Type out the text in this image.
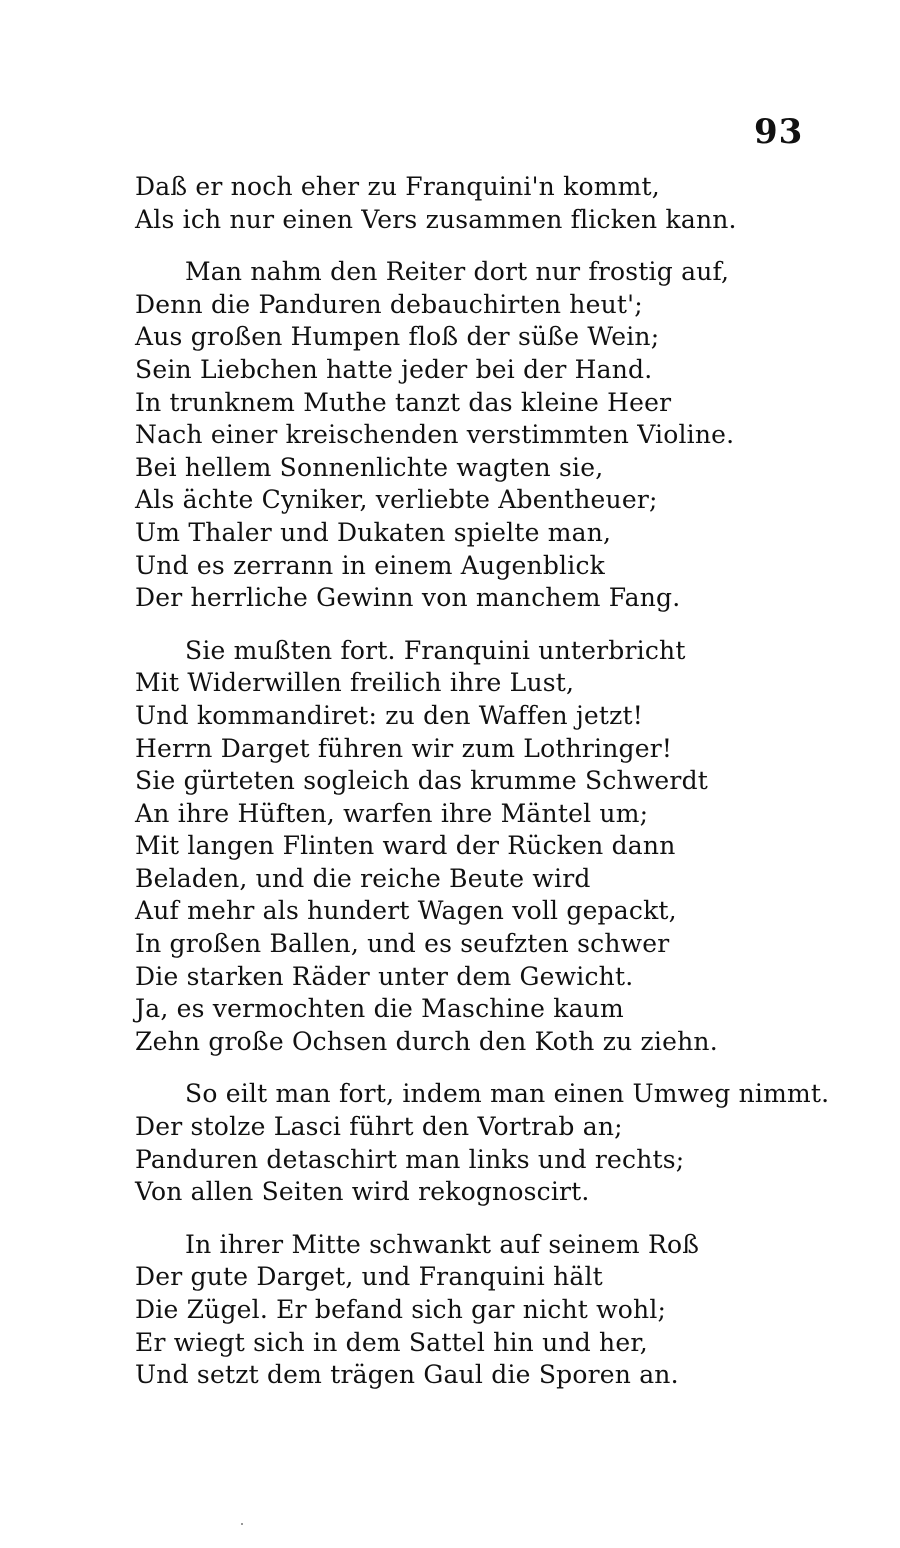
93
Daß er noch eher zu Franquini'n kommt,
Als ich nur einen Vers zusammen flicken kann.
Man nahm den Reiter dort nur frostig auf,
Denn die Panduren debauchirten heut';
Aus großen Humpen floß der süße Wein;
Sein Liebchen hatte jeder bei der Hand.
In trunknem Muthe tanzt das kleine Heer
Nach einer kreischenden verstimmten Violine.
Bei hellem Sonnenlichte wagten sie,
Als ächte Cyniker, verliebte Abentheuer;
Um Thaler und Dukaten spielte man,
Und es zerrann in einem Augenblick
Der herrliche Gewinn von manchem Fang.
Sie mußten fort. Franquini unterbricht
Mit Widerwillen freilich ihre Lust,
Und kommandiret: zu den Waffen jetzt!
Herrn Darget führen wir zum Lothringer!
Sie gürteten sogleich das krumme Schwerdt
An ihre Hüften, warfen ihre Mäntel um;
Mit langen Flinten ward der Rücken dann
Beladen, und die reiche Beute wird
Auf mehr als hundert Wagen voll gepackt,
In großen Ballen, und es seufzten schwer
Die starken Räder unter dem Gewicht.
Ja, es vermochten die Maschine kaum
Zehn große Ochsen durch den Koth zu ziehn.
So eilt man fort, indem man einen Umweg nimmt.
Der stolze Lasci führt den Vortrab an;
Panduren detaschirt man links und rechts;
Von allen Seiten wird rekognoscirt.
In ihrer Mitte schwankt auf seinem Roß
Der gute Darget, und Franquini hält
Die Zügel. Er befand sich gar nicht wohl;
Er wiegt sich in dem Sattel hin und her,
Und setzt dem trägen Gaul die Sporen an.
